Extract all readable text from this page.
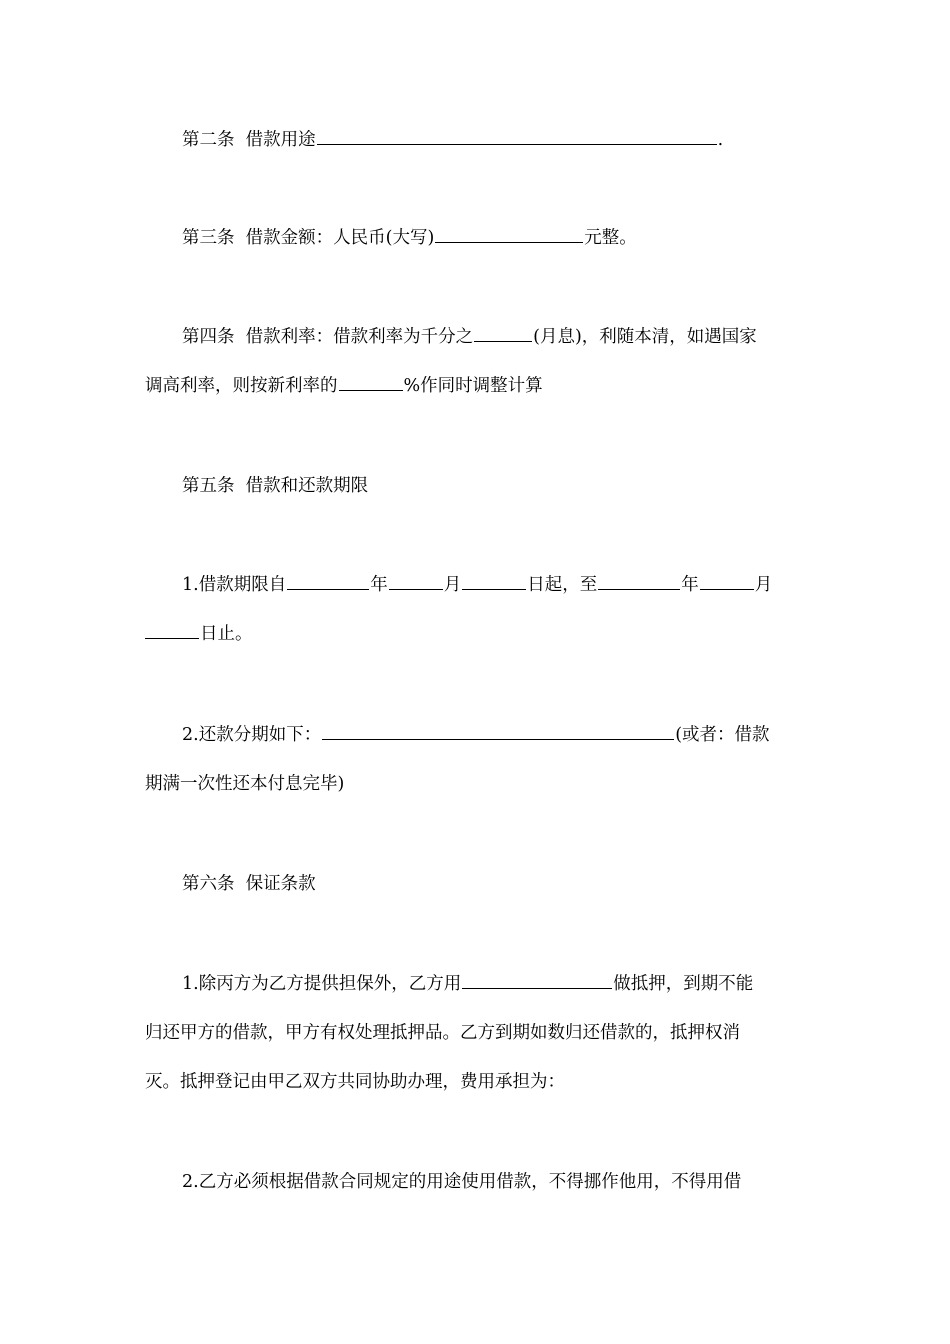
第二条 借款用途	.

第三条 借款金额：人民币(大写)	元整。

第四条 借款利率：借款利率为千分之	(月息)，利随本清，如遇国家
调高利率，则按新利率的	%作同时调整计算

第五条 借款和还款期限

1.借款期限自	年	月	日起，至	年	月
日止。

2.还款分期如下：	(或者：借款
期满一次性还本付息完毕)

第六条 保证条款

1.除丙方为乙方提供担保外，乙方用	做抵押，到期不能
归还甲方的借款，甲方有权处理抵押品。乙方到期如数归还借款的，抵押权消
灭。抵押登记由甲乙双方共同协助办理，费用承担为：

2.乙方必须根据借款合同规定的用途使用借款，不得挪作他用，不得用借
